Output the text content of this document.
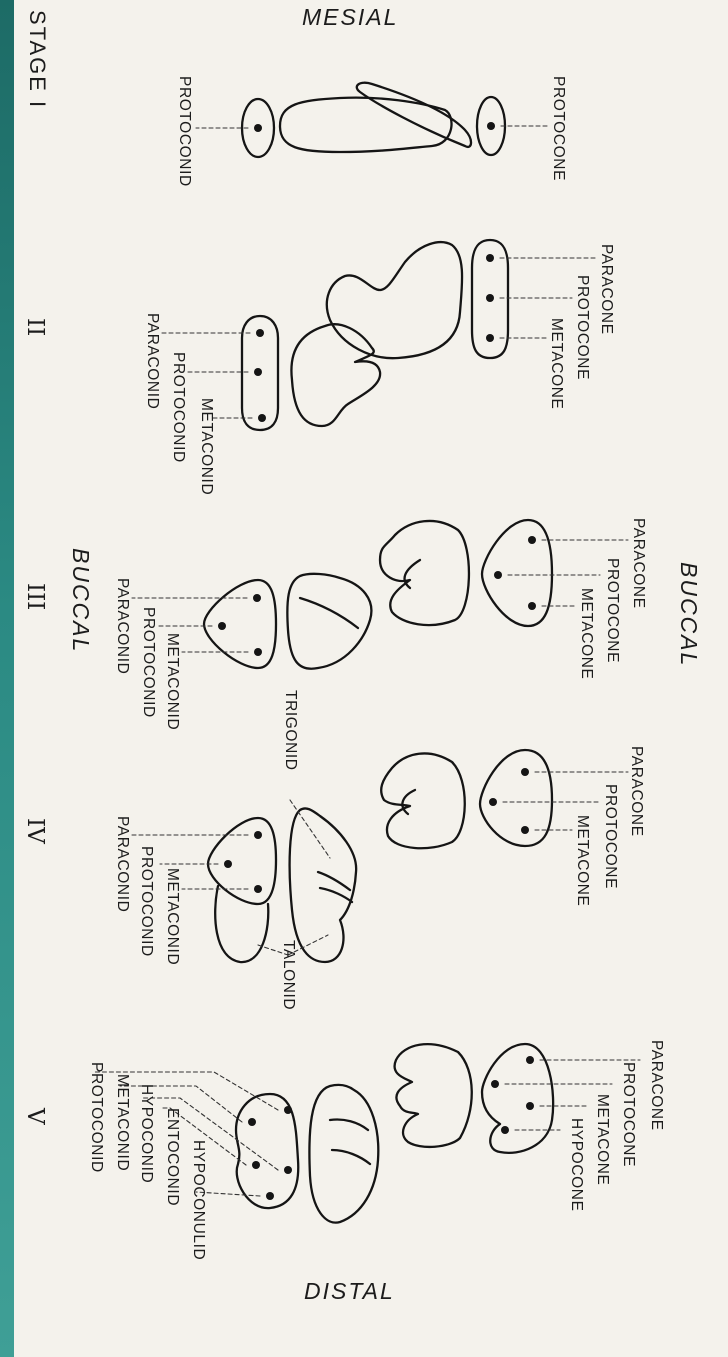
MESIAL
DISTAL
BUCCAL
BUCCAL
STAGE I
II
III
IV
V
PROTOCONE
PROTOCONID
PARACONE
PROTOCONE
METACONE
METACONID
PROTOCONID
PARACONID
PARACONE
PROTOCONE
METACONE
METACONID
PROTOCONID
PARACONID
TRIGONID
PARACONE
PROTOCONE
METACONE
METACONID
PROTOCONID
PARACONID
TALONID
PARACONE
PROTOCONE
METACONE
HYPOCONE
HYPOCONULID
ENTOCONID
HYPOCONID
METACONID
PROTOCONID
